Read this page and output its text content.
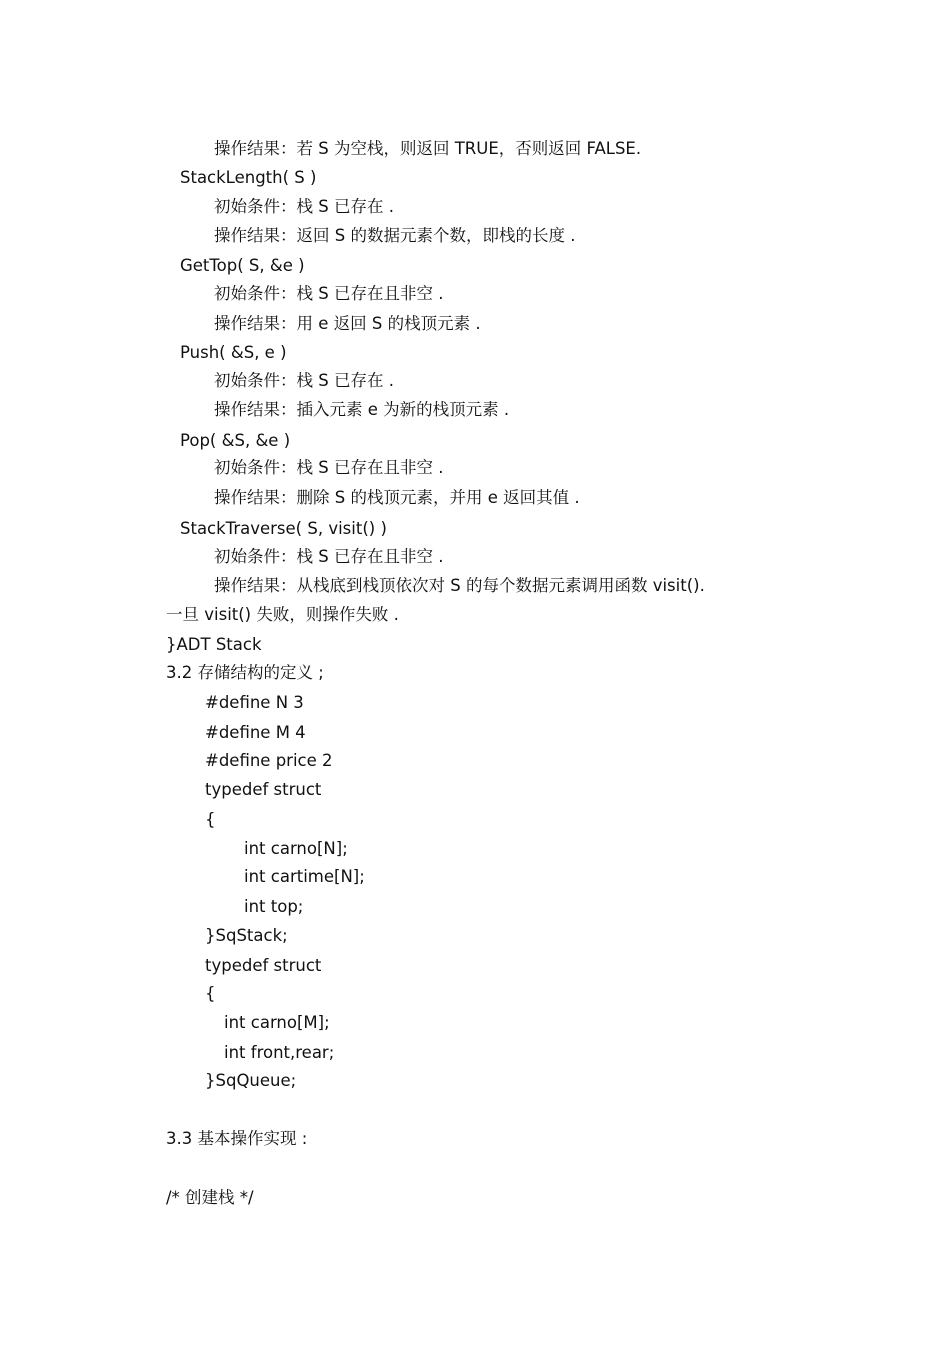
操作结果：若 S 为空栈，则返回 TRUE，否则返回 FALSE.
StackLength( S )
初始条件：栈 S 已存在 .
操作结果：返回 S 的数据元素个数，即栈的长度 .
GetTop( S, &e )
初始条件：栈 S 已存在且非空 .
操作结果：用 e 返回 S 的栈顶元素 .
Push( &S, e )
初始条件：栈 S 已存在 .
操作结果：插入元素 e 为新的栈顶元素 .
Pop( &S, &e )
初始条件：栈 S 已存在且非空 .
操作结果：删除 S 的栈顶元素，并用 e 返回其值 .
StackTraverse( S, visit() )
初始条件：栈 S 已存在且非空 .
操作结果：从栈底到栈顶依次对 S 的每个数据元素调用函数 visit().
一旦 visit() 失败，则操作失败 .
}ADT Stack
3.2 存储结构的定义 ;
#define N 3
#define M 4
#define price 2
typedef struct
{
int carno[N];
int cartime[N];
int top;
}SqStack;
typedef struct
{
int carno[M];
int front,rear;
}SqQueue;
3.3 基本操作实现 :
/* 创建栈 */
